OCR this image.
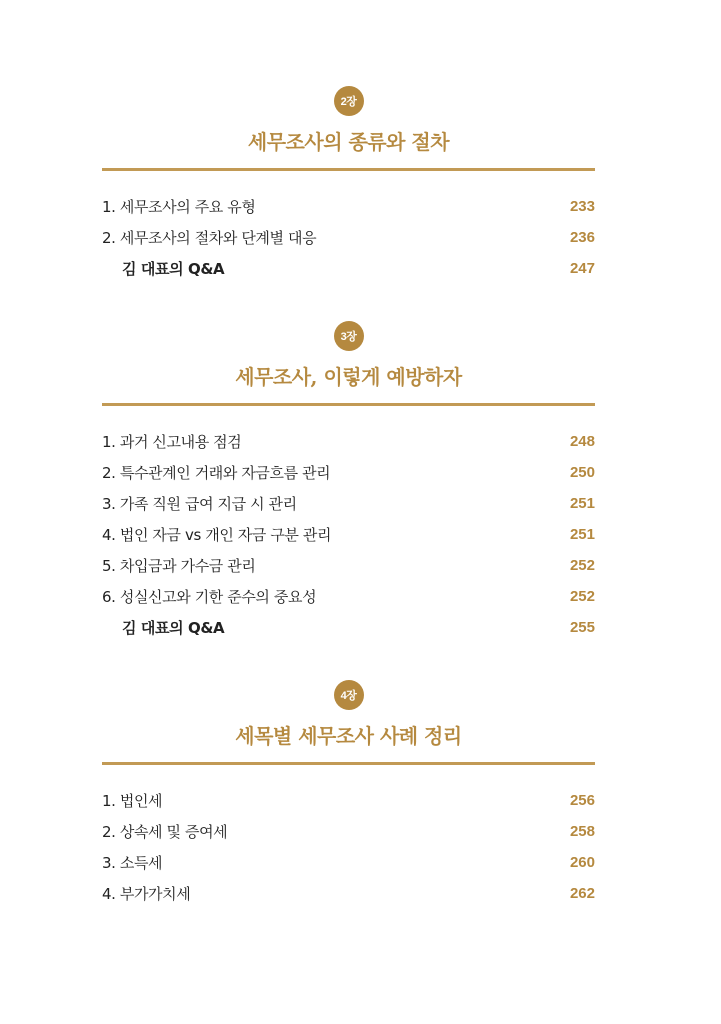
2장
세무조사의 종류와 절차
1. 세무조사의 주요 유형	233
2. 세무조사의 절차와 단계별 대응	236
김 대표의 Q&A	247
3장
세무조사, 이렇게 예방하자
1. 과거 신고내용 점검	248
2. 특수관계인 거래와 자금흐름 관리	250
3. 가족 직원 급여 지급 시 관리	251
4. 법인 자금 vs 개인 자금 구분 관리	251
5. 차입금과 가수금 관리	252
6. 성실신고와 기한 준수의 중요성	252
김 대표의 Q&A	255
4장
세목별 세무조사 사례 정리
1. 법인세	256
2. 상속세 및 증여세	258
3. 소득세	260
4. 부가가치세	262
